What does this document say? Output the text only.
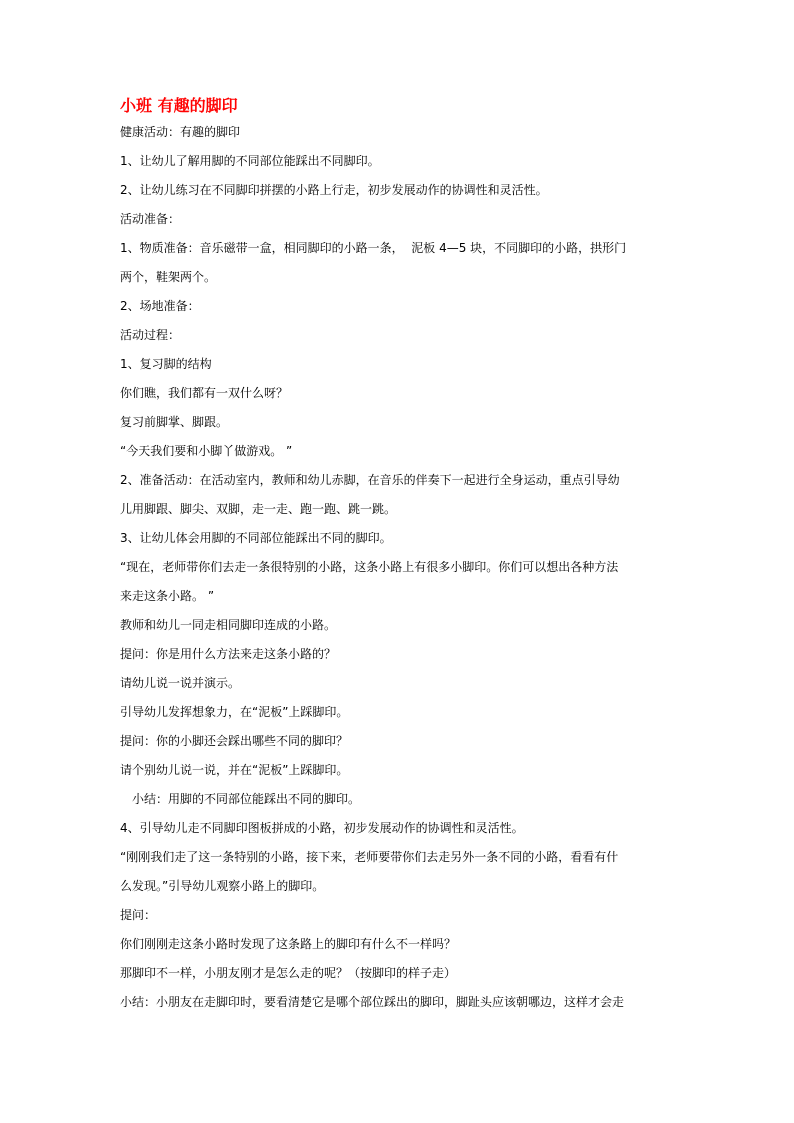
小班 有趣的脚印
健康活动：有趣的脚印
1、让幼儿了解用脚的不同部位能踩出不同脚印。
2、让幼儿练习在不同脚印拼摆的小路上行走，初步发展动作的协调性和灵活性。
活动准备：
1、物质准备：音乐磁带一盒，相同脚印的小路一条，  泥板 4—5 块，不同脚印的小路，拱形门
两个，鞋架两个。
2、场地准备：
活动过程：
1、复习脚的结构
你们瞧，我们都有一双什么呀？
复习前脚掌、脚跟。
“今天我们要和小脚丫做游戏。 ”
2、准备活动：在活动室内，教师和幼儿赤脚，在音乐的伴奏下一起进行全身运动，重点引导幼
儿用脚跟、脚尖、双脚，走一走、跑一跑、跳一跳。
3、让幼儿体会用脚的不同部位能踩出不同的脚印。
“现在，老师带你们去走一条很特别的小路，这条小路上有很多小脚印。你们可以想出各种方法
来走这条小路。 ”
教师和幼儿一同走相同脚印连成的小路。
提问：你是用什么方法来走这条小路的？
请幼儿说一说并演示。
引导幼儿发挥想象力，在“泥板”上踩脚印。
提问：你的小脚还会踩出哪些不同的脚印？
请个别幼儿说一说，并在“泥板”上踩脚印。
小结：用脚的不同部位能踩出不同的脚印。
4、引导幼儿走不同脚印图板拼成的小路，初步发展动作的协调性和灵活性。
“刚刚我们走了这一条特别的小路，接下来，老师要带你们去走另外一条不同的小路，看看有什
么发现。”引导幼儿观察小路上的脚印。
提问：
你们刚刚走这条小路时发现了这条路上的脚印有什么不一样吗？
那脚印不一样，小朋友刚才是怎么走的呢？（按脚印的样子走）
小结：小朋友在走脚印时，要看清楚它是哪个部位踩出的脚印，脚趾头应该朝哪边，这样才会走
